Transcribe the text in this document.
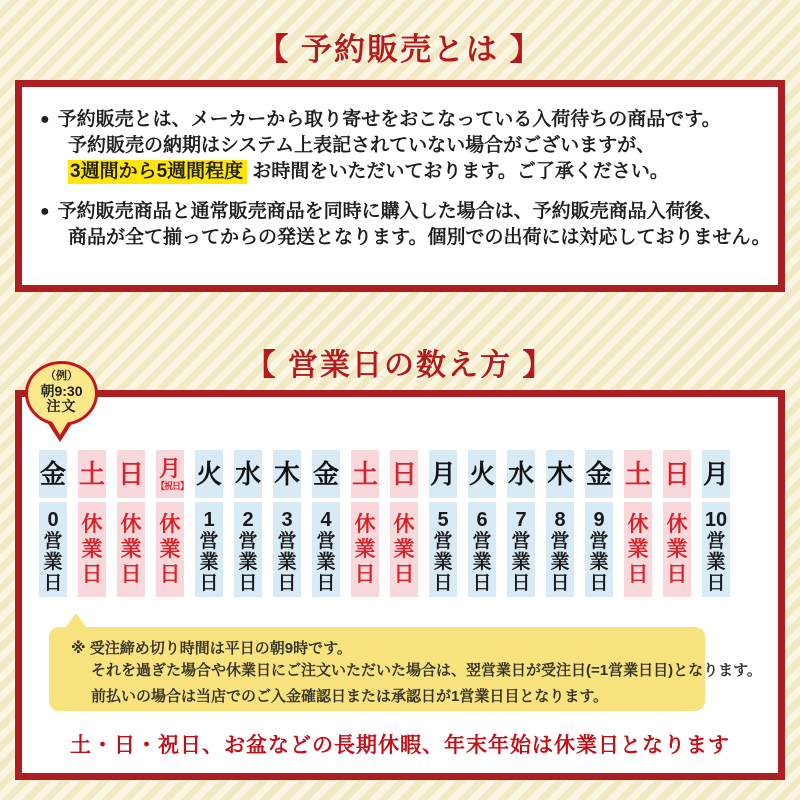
【 予約販売とは 】
● 予約販売とは、メーカーから取り寄せをおこなっている入荷待ちの商品です。
予約販売の納期はシステム上表記されていない場合がございますが、
3週間から5週間程度 お時間をいただいております。ご了承ください。
● 予約販売商品と通常販売商品を同時に購入した場合は、予約販売商品入荷後、
商品が全て揃ってからの発送となります。個別での出荷には対応しておりません。
【 営業日の数え方 】
金
0
営
業
日
土
休
業
日
日
休
業
日
月
【祝日】
休
業
日
火
1
営
業
日
水
2
営
業
日
木
3
営
業
日
金
4
営
業
日
土
休
業
日
日
休
業
日
月
5
営
業
日
火
6
営
業
日
水
7
営
業
日
木
8
営
業
日
金
9
営
業
日
土
休
業
日
日
休
業
日
月
10
営
業
日
※ 受注締め切り時間は平日の朝9時です。
それを過ぎた場合や休業日にご注文いただいた場合は、翌営業日が受注日(=1営業日目)となります。
前払いの場合は当店でのご入金確認日または承認日が1営業日目となります。
土・日・祝日、お盆などの長期休暇、年末年始は休業日となります
（例）
朝9:30
注文
